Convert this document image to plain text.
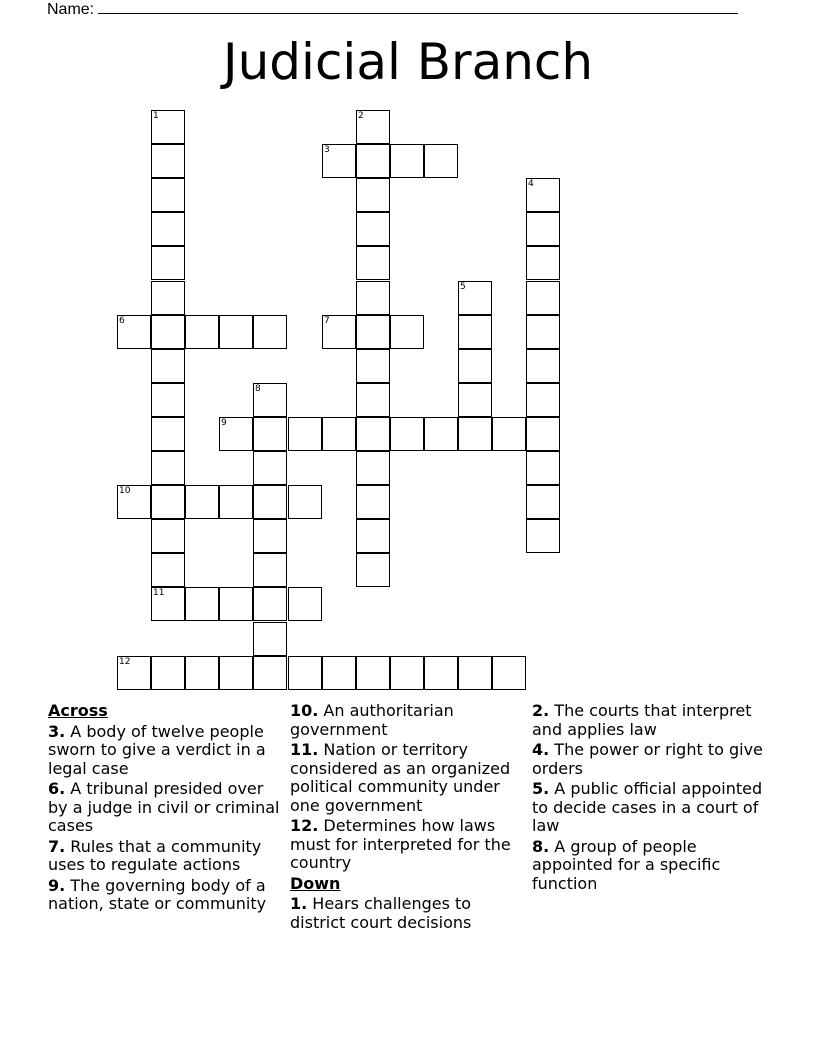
Name:
Judicial Branch
1	2
3
4
5
6	7
8
9
10
11
12
Across
3. A body of twelve people sworn to give a verdict in a legal case
6. A tribunal presided over by a judge in civil or criminal cases
7. Rules that a community uses to regulate actions
9. The governing body of a nation, state or community
10. An authoritarian government
11. Nation or territory considered as an organized political community under one government
12. Determines how laws must for interpreted for the country
Down
1. Hears challenges to district court decisions
2. The courts that interpret and applies law
4. The power or right to give orders
5. A public official appointed to decide cases in a court of law
8. A group of people appointed for a specific function
